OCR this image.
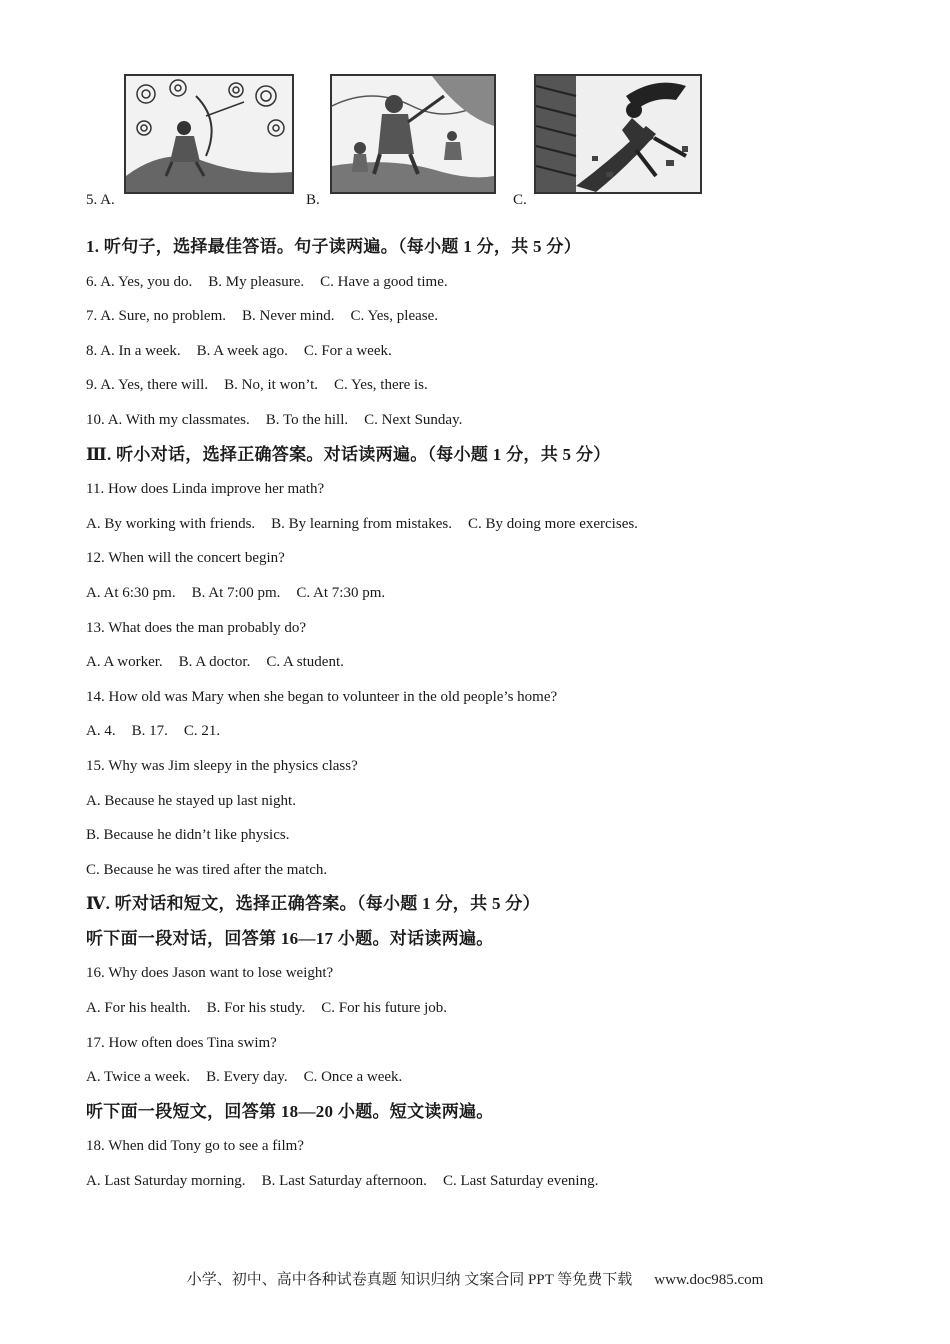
5. A.	B.	C.
1. 听句子，选择最佳答语。句子读两遍。（每小题 1 分，共 5 分）
6. A. Yes, you do. B. My pleasure. C. Have a good time.
7. A. Sure, no problem. B. Never mind. C. Yes, please.
8. A. In a week. B. A week ago. C. For a week.
9. A. Yes, there will. B. No, it won’t. C. Yes, there is.
10. A. With my classmates. B. To the hill. C. Next Sunday.
Ⅲ. 听小对话，选择正确答案。对话读两遍。（每小题 1 分，共 5 分）
11. How does Linda improve her math?
A. By working with friends. B. By learning from mistakes. C. By doing more exercises.
12. When will the concert begin?
A. At 6:30 pm. B. At 7:00 pm. C. At 7:30 pm.
13. What does the man probably do?
A. A worker. B. A doctor. C. A student.
14. How old was Mary when she began to volunteer in the old people’s home?
A. 4. B. 17. C. 21.
15. Why was Jim sleepy in the physics class?
A. Because he stayed up last night.
B. Because he didn’t like physics.
C. Because he was tired after the match.
Ⅳ. 听对话和短文，选择正确答案。（每小题 1 分，共 5 分）
听下面一段对话，回答第 16—17 小题。对话读两遍。
16. Why does Jason want to lose weight?
A. For his health. B. For his study. C. For his future job.
17. How often does Tina swim?
A. Twice a week. B. Every day. C. Once a week.
听下面一段短文，回答第 18—20 小题。短文读两遍。
18. When did Tony go to see a film?
A. Last Saturday morning. B. Last Saturday afternoon. C. Last Saturday evening.
小学、初中、高中各种试卷真题 知识归纳 文案合同 PPT 等免费下载 www.doc985.com
